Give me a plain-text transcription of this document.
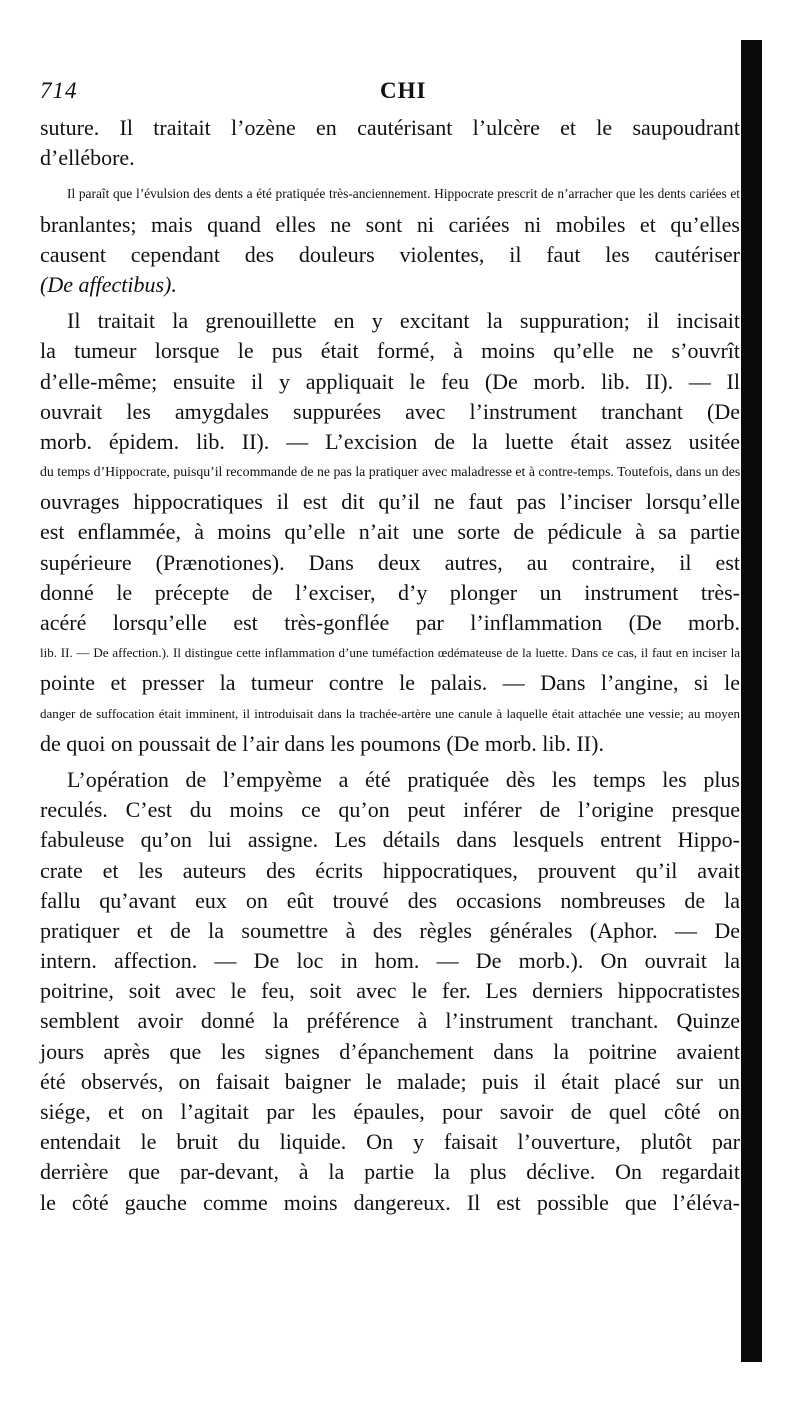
714	CHI
suture. Il traitait l’ozène en cautérisant l’ulcère et le saupoudrant
d’ellébore.
Il paraît que l’évulsion des dents a été pratiquée très-anciennement. Hippocrate prescrit de n’arracher que les dents cariées et
branlantes; mais quand elles ne sont ni cariées ni mobiles et qu’elles
causent cependant des douleurs violentes, il faut les cautériser
(De affectibus).
Il traitait la grenouillette en y excitant la suppuration; il incisait
la tumeur lorsque le pus était formé, à moins qu’elle ne s’ouvrît
d’elle-même; ensuite il y appliquait le feu (De morb. lib. II). — Il
ouvrait les amygdales suppurées avec l’instrument tranchant (De
morb. épidem. lib. II). — L’excision de la luette était assez usitée
du temps d’Hippocrate, puisqu’il recommande de ne pas la pratiquer avec maladresse et à contre-temps. Toutefois, dans un des
ouvrages hippocratiques il est dit qu’il ne faut pas l’inciser lorsqu’elle
est enflammée, à moins qu’elle n’ait une sorte de pédicule à sa partie
supérieure (Prænotiones). Dans deux autres, au contraire, il est
donné le précepte de l’exciser, d’y plonger un instrument très-
acéré lorsqu’elle est très-gonflée par l’inflammation (De morb.
lib. II. — De affection.). Il distingue cette inflammation d’une tuméfaction œdémateuse de la luette. Dans ce cas, il faut en inciser la
pointe et presser la tumeur contre le palais. — Dans l’angine, si le
danger de suffocation était imminent, il introduisait dans la trachée-artère une canule à laquelle était attachée une vessie; au moyen
de quoi on poussait de l’air dans les poumons (De morb. lib. II).
L’opération de l’empyème a été pratiquée dès les temps les plus
reculés. C’est du moins ce qu’on peut inférer de l’origine presque
fabuleuse qu’on lui assigne. Les détails dans lesquels entrent Hippo-
crate et les auteurs des écrits hippocratiques, prouvent qu’il avait
fallu qu’avant eux on eût trouvé des occasions nombreuses de la
pratiquer et de la soumettre à des règles générales (Aphor. — De
intern. affection. — De loc in hom. — De morb.). On ouvrait la
poitrine, soit avec le feu, soit avec le fer. Les derniers hippocratistes
semblent avoir donné la préférence à l’instrument tranchant. Quinze
jours après que les signes d’épanchement dans la poitrine avaient
été observés, on faisait baigner le malade; puis il était placé sur un
siége, et on l’agitait par les épaules, pour savoir de quel côté on
entendait le bruit du liquide. On y faisait l’ouverture, plutôt par
derrière que par-devant, à la partie la plus déclive. On regardait
le côté gauche comme moins dangereux. Il est possible que l’éléva-
